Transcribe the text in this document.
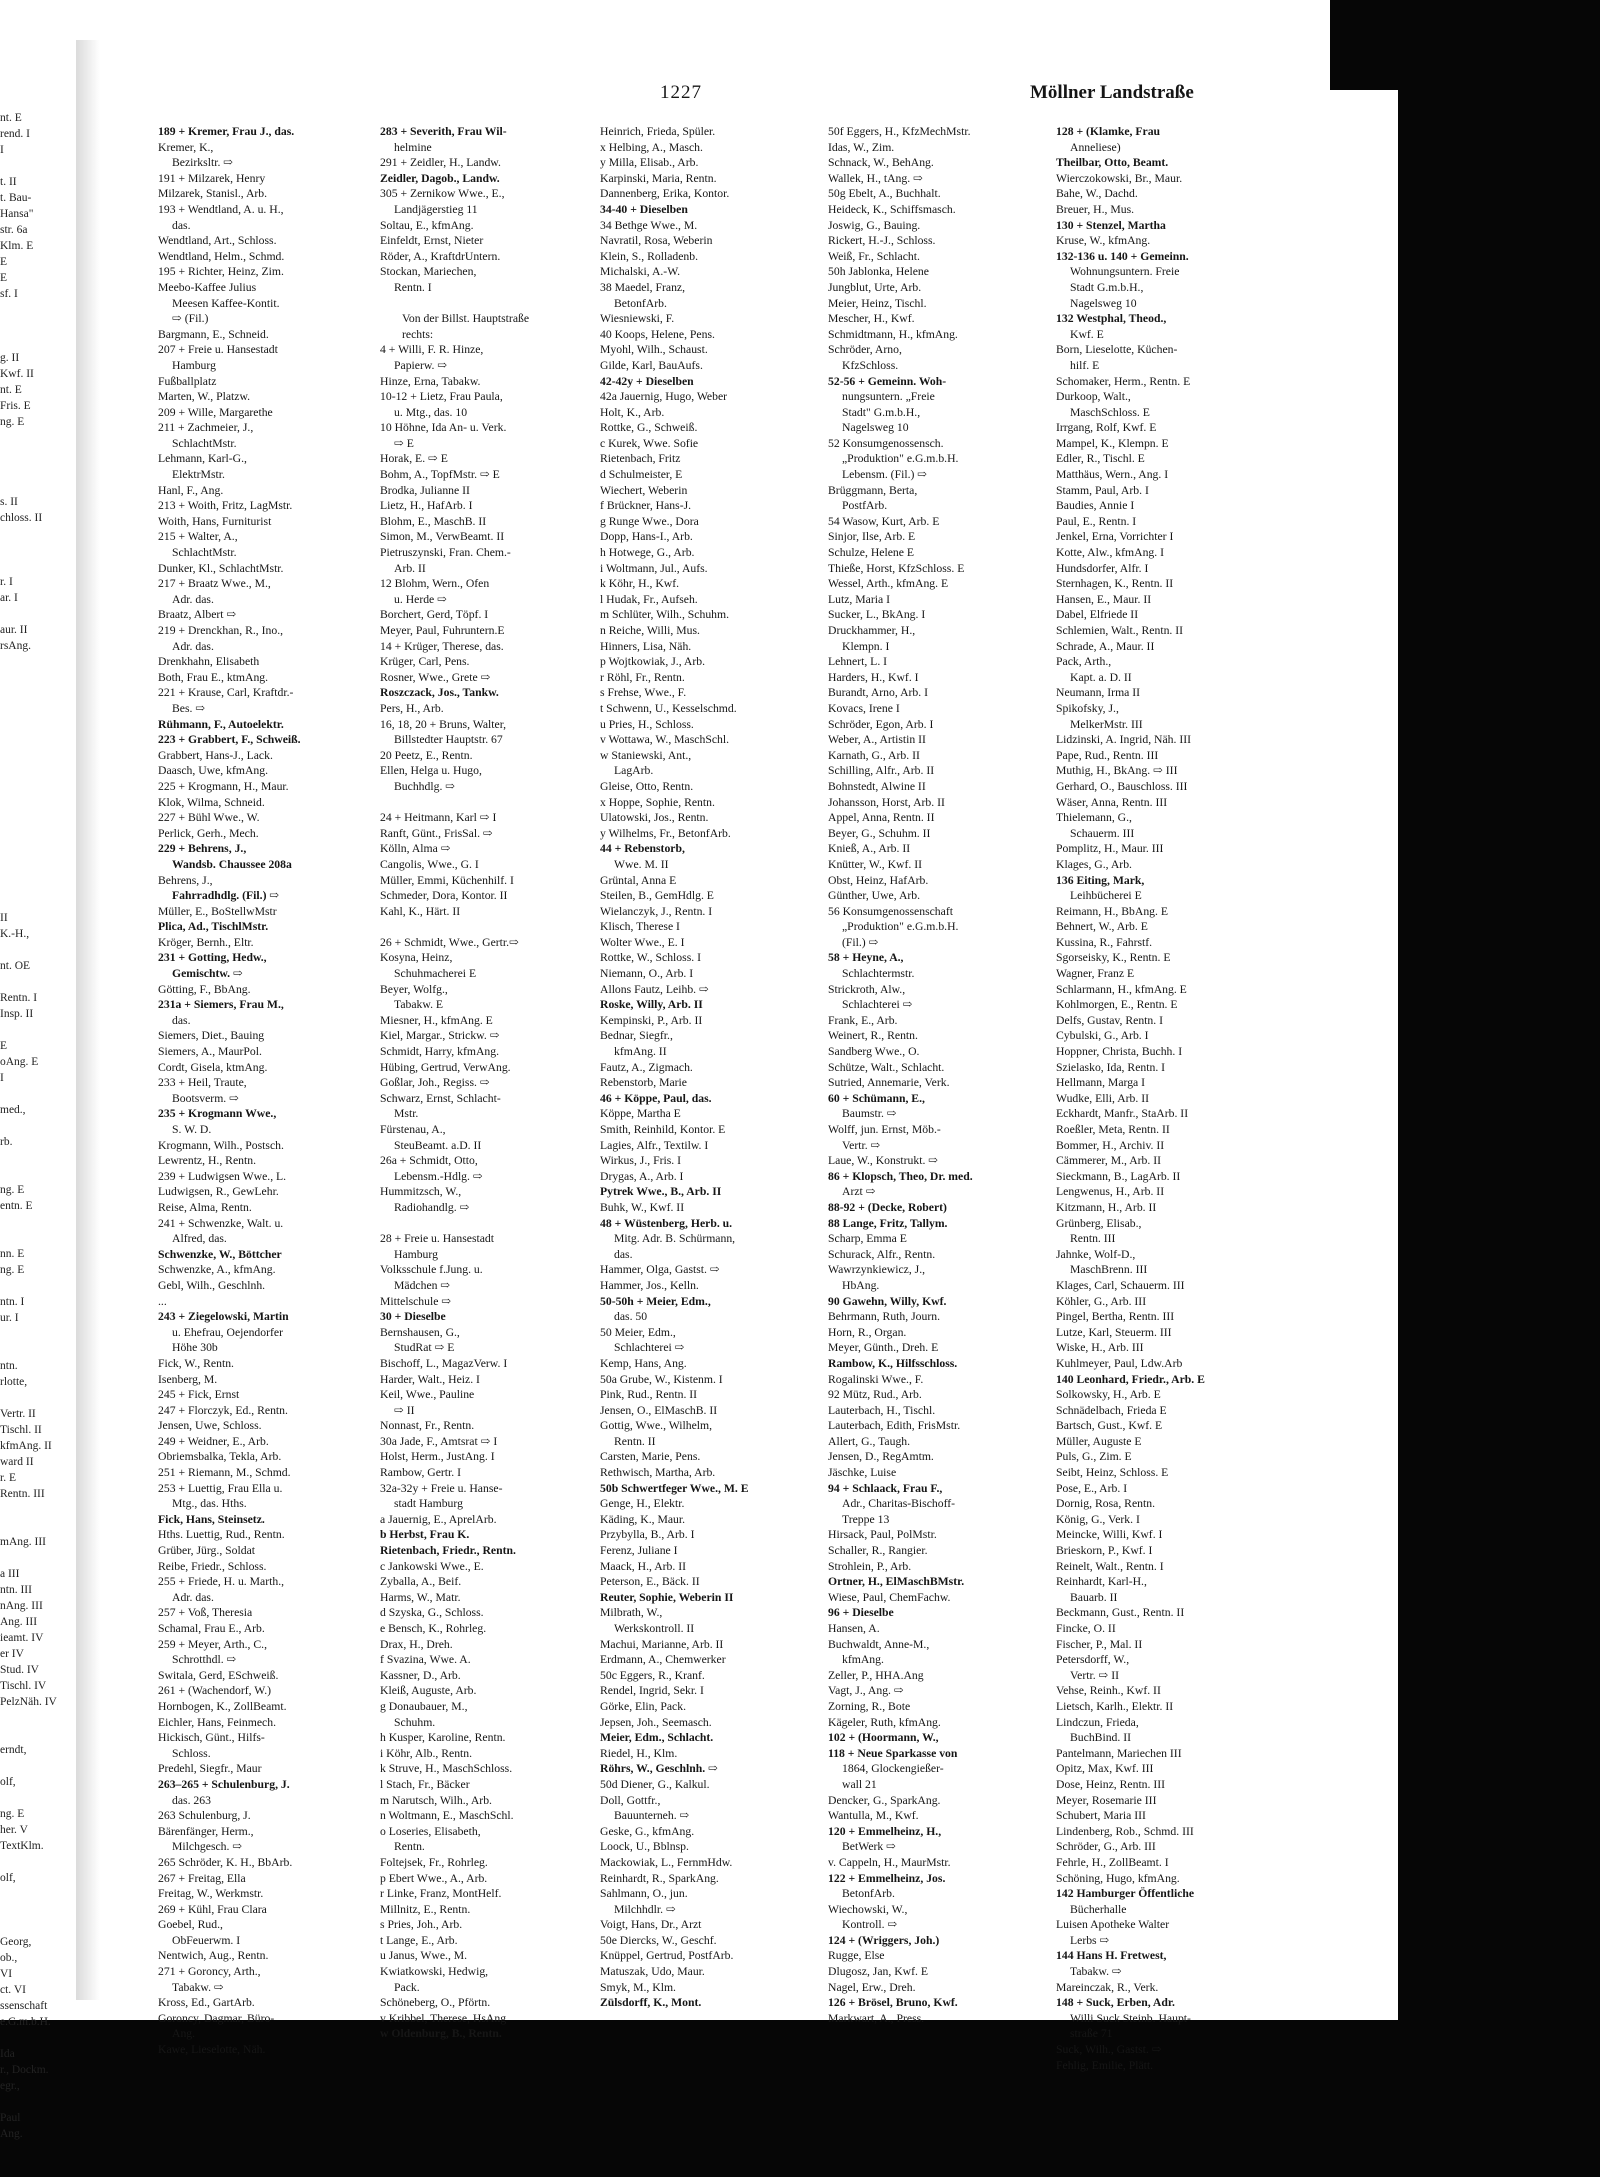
nt. E
rend. I
I

t. II
t. Bau-
Hansa"
str. 6a
Klm. E
E
E
sf. I

g. II
Kwf. II
nt. E
Fris. E
ng. E

s. II
chloss. II

r. I
ar. I

aur. II
rsAng.

II
K.-H.,

nt. OE

Rentn. I
Insp. II

E
oAng. E
I

med.,

rb.

ng. E
entn. E

nn. E
ng. E

ntn. I
ur. I

ntn.
rlotte,

Vertr. II
Tischl. II
kfmAng. II
ward II
r. E
Rentn. III

mAng. III

a III
ntn. III
nAng. III
Ang. III
ieamt. IV
er IV
Stud. IV
Tischl. IV
PelzNäh. IV

erndt,

olf,

ng. E
her. V
TextKlm.

olf,

Georg,
ob.,
VI
ct. VI
ssenschaft
e.G.m.b.H.

Ida
r., Dockm.
egr.,

Paul
Ang.
1227	Möllner Landstraße
189 + Kremer, Frau J., das.
Kremer, K.,
Bezirksltr. ⇨
191 + Milzarek, Henry
Milzarek, Stanisl., Arb.
193 + Wendtland, A. u. H.,
das.
Wendtland, Art., Schloss.
Wendtland, Helm., Schmd.
195 + Richter, Heinz, Zim.
Meebo-Kaffee Julius
Meesen Kaffee-Kontit.
⇨ (Fil.)
Bargmann, E., Schneid.
207 + Freie u. Hansestadt
Hamburg
Fußballplatz
Marten, W., Platzw.
209 + Wille, Margarethe
211 + Zachmeier, J.,
SchlachtMstr.
Lehmann, Karl-G.,
ElektrMstr.
Hanl, F., Ang.
213 + Woith, Fritz, LagMstr.
Woith, Hans, Furniturist
215 + Walter, A.,
SchlachtMstr.
Dunker, Kl., SchlachtMstr.
217 + Braatz Wwe., M.,
Adr. das.
Braatz, Albert ⇨
219 + Drenckhan, R., Ino.,
Adr. das.
Drenkhahn, Elisabeth
Both, Frau E., ktmAng.
221 + Krause, Carl, Kraftdr.-
Bes. ⇨
Rühmann, F., Autoelektr.
223 + Grabbert, F., Schweiß.
Grabbert, Hans-J., Lack.
Daasch, Uwe, kfmAng.
225 + Krogmann, H., Maur.
Klok, Wilma, Schneid.
227 + Bühl Wwe., W.
Perlick, Gerh., Mech.
229 + Behrens, J.,
Wandsb. Chaussee 208a
Behrens, J.,
Fahrradhdlg. (Fil.) ⇨
Müller, E., BoStellwMstr
Plica, Ad., TischlMstr.
Kröger, Bernh., Eltr.
231 + Gotting, Hedw.,
Gemischtw. ⇨
Götting, F., BbAng.
231a + Siemers, Frau M.,
das.
Siemers, Diet., Bauing
Siemers, A., MaurPol.
Cordt, Gisela, ktmAng.
233 + Heil, Traute,
Bootsverm. ⇨
235 + Krogmann Wwe.,
S. W. D.
Krogmann, Wilh., Postsch.
Lewrentz, H., Rentn.
239 + Ludwigsen Wwe., L.
Ludwigsen, R., GewLehr.
Reise, Alma, Rentn.
241 + Schwenzke, Walt. u.
Alfred, das.
Schwenzke, W., Böttcher
Schwenzke, A., kfmAng.
Gebl, Wilh., Geschlnh.
...
243 + Ziegelowski, Martin
u. Ehefrau, Oejendorfer
Höhe 30b
Fick, W., Rentn.
Isenberg, M.
245 + Fick, Ernst
247 + Florczyk, Ed., Rentn.
Jensen, Uwe, Schloss.
249 + Weidner, E., Arb.
Obriemsbalka, Tekla, Arb.
251 + Riemann, M., Schmd.
253 + Luettig, Frau Ella u.
Mtg., das. Hths.
Fick, Hans, Steinsetz.
Hths. Luettig, Rud., Rentn.
Grüber, Jürg., Soldat
Reibe, Friedr., Schloss.
255 + Friede, H. u. Marth.,
Adr. das.
257 + Voß, Theresia
Schamal, Frau E., Arb.
259 + Meyer, Arth., C.,
Schrotthdl. ⇨
Switala, Gerd, ESchweiß.
261 + (Wachendorf, W.)
Hornbogen, K., ZollBeamt.
Eichler, Hans, Feinmech.
Hickisch, Günt., Hilfs-
Schloss.
Predehl, Siegfr., Maur
263–265 + Schulenburg, J.
das. 263
263 Schulenburg, J.
Bärenfänger, Herm.,
Milchgesch. ⇨
265 Schröder, K. H., BbArb.
267 + Freitag, Ella
Freitag, W., Werkmstr.
269 + Kühl, Frau Clara
Goebel, Rud.,
ObFeuerwm. I
Nentwich, Aug., Rentn.
271 + Goroncy, Arth.,
Tabakw. ⇨
Kross, Ed., GartArb.
Goroncy, Dagmar, Büro-
Ang.
Kawe, Lieselotte, Näh.
283 + Severith, Frau Wil-
helmine
291 + Zeidler, H., Landw.
Zeidler, Dagob., Landw.
305 + Zernikow Wwe., E.,
Landjägerstieg 11
Soltau, E., kfmAng.
Einfeldt, Ernst, Nieter
Röder, A., KraftdrUntern.
Stockan, Mariechen,
Rentn. I

Von der Billst. Hauptstraße
rechts:
4 + Willi, F. R. Hinze,
Papierw. ⇨
Hinze, Erna, Tabakw.
10-12 + Lietz, Frau Paula,
u. Mtg., das. 10
10 Höhne, Ida An- u. Verk.
⇨ E
Horak, E. ⇨ E
Bohm, A., TopfMstr. ⇨ E
Brodka, Julianne II
Lietz, H., HafArb. I
Blohm, E., MaschB. II
Simon, M., VerwBeamt. II
Pietruszynski, Fran. Chem.-
Arb. II
12 Blohm, Wern., Ofen
u. Herde ⇨
Borchert, Gerd, Töpf. I
Meyer, Paul, Fuhruntern.E
14 + Krüger, Therese, das.
Krüger, Carl, Pens.
Rosner, Wwe., Grete ⇨
Roszczack, Jos., Tankw.
Pers, H., Arb.
16, 18, 20 + Bruns, Walter,
Billstedter Hauptstr. 67
20 Peetz, E., Rentn.
Ellen, Helga u. Hugo,
Buchhdlg. ⇨

24 + Heitmann, Karl ⇨ I
Ranft, Günt., FrisSal. ⇨
Kölln, Alma ⇨
Cangolis, Wwe., G. I
Müller, Emmi, Küchenhilf. I
Schmeder, Dora, Kontor. II
Kahl, K., Härt. II

26 + Schmidt, Wwe., Gertr.⇨
Kosyna, Heinz,
Schuhmacherei E
Beyer, Wolfg.,
Tabakw. E
Miesner, H., kfmAng. E
Kiel, Margar., Strickw. ⇨
Schmidt, Harry, kfmAng.
Hübing, Gertrud, VerwAng.
Goßlar, Joh., Regiss. ⇨
Schwarz, Ernst, Schlacht-
Mstr.
Fürstenau, A.,
SteuBeamt. a.D. II
26a + Schmidt, Otto,
Lebensm.-Hdlg. ⇨
Hummitzsch, W.,
Radiohandlg. ⇨

28 + Freie u. Hansestadt
Hamburg
Volksschule f.Jung. u.
Mädchen ⇨
Mittelschule ⇨
30 + Dieselbe
Bernshausen, G.,
StudRat ⇨ E
Bischoff, L., MagazVerw. I
Harder, Walt., Heiz. I
Keil, Wwe., Pauline
⇨ II
Nonnast, Fr., Rentn.
30a Jade, F., Amtsrat ⇨ I
Holst, Herm., JustAng. I
Rambow, Gertr. I
32a-32y + Freie u. Hanse-
stadt Hamburg
a Jauernig, E., AprelArb.
b Herbst, Frau K.
Rietenbach, Friedr., Rentn.
c Jankowski Wwe., E.
Zyballa, A., Beif.
Harms, W., Matr.
d Szyska, G., Schloss.
e Bensch, K., Rohrleg.
Drax, H., Dreh.
f Svazina, Wwe. A.
Kassner, D., Arb.
Kleiß, Auguste, Arb.
g Donaubauer, M.,
Schuhm.
h Kusper, Karoline, Rentn.
i Köhr, Alb., Rentn.
k Struve, H., MaschSchloss.
l Stach, Fr., Bäcker
m Narutsch, Wilh., Arb.
n Woltmann, E., MaschSchl.
o Loseries, Elisabeth,
Rentn.
Foltejsek, Fr., Rohrleg.
p Ebert Wwe., A., Arb.
r Linke, Franz, MontHelf.
Millnitz, E., Rentn.
s Pries, Joh., Arb.
t Lange, E., Arb.
u Janus, Wwe., M.
Kwiatkowski, Hedwig,
Pack.
Schöneberg, O., Pförtn.
v Kribbel, Therese, HsAng
w Oldenburg, B., Rentn.
Heinrich, Frieda, Spüler.
x Helbing, A., Masch.
y Milla, Elisab., Arb.
Karpinski, Maria, Rentn.
Dannenberg, Erika, Kontor.
34-40 + Dieselben
34 Bethge Wwe., M.
Navratil, Rosa, Weberin
Klein, S., Rolladenb.
Michalski, A.-W.
38 Maedel, Franz,
BetonfArb.
Wiesniewski, F.
40 Koops, Helene, Pens.
Myohl, Wilh., Schaust.
Gilde, Karl, BauAufs.
42-42y + Dieselben
42a Jauernig, Hugo, Weber
Holt, K., Arb.
Rottke, G., Schweiß.
c Kurek, Wwe. Sofie
Rietenbach, Fritz
d Schulmeister, E
Wiechert, Weberin
f Brückner, Hans-J.
g Runge Wwe., Dora
Dopp, Hans-I., Arb.
h Hotwege, G., Arb.
i Woltmann, Jul., Aufs.
k Köhr, H., Kwf.
l Hudak, Fr., Aufseh.
m Schlüter, Wilh., Schuhm.
n Reiche, Willi, Mus.
Hinners, Lisa, Näh.
p Wojtkowiak, J., Arb.
r Röhl, Fr., Rentn.
s Frehse, Wwe., F.
t Schwenn, U., Kesselschmd.
u Pries, H., Schloss.
v Wottawa, W., MaschSchl.
w Staniewski, Ant.,
LagArb.
Gleise, Otto, Rentn.
x Hoppe, Sophie, Rentn.
Ulatowski, Jos., Rentn.
y Wilhelms, Fr., BetonfArb.
44 + Rebenstorb,
Wwe. M. II
Grüntal, Anna E
Steilen, B., GemHdlg. E
Wielanczyk, J., Rentn. I
Klisch, Therese I
Wolter Wwe., E. I
Rottke, W., Schloss. I
Niemann, O., Arb. I
Allons Fautz, Leihb. ⇨
Roske, Willy, Arb. II
Kempinski, P., Arb. II
Bednar, Siegfr.,
kfmAng. II
Fautz, A., Zigmach.
Rebenstorb, Marie
46 + Köppe, Paul, das.
Köppe, Martha E
Smith, Reinhild, Kontor. E
Lagies, Alfr., Textilw. I
Wirkus, J., Fris. I
Drygas, A., Arb. I
Pytrek Wwe., B., Arb. II
Buhk, W., Kwf. II
48 + Wüstenberg, Herb. u.
Mitg. Adr. B. Schürmann,
das.
Hammer, Olga, Gastst. ⇨
Hammer, Jos., Kelln.
50-50h + Meier, Edm.,
das. 50
50 Meier, Edm.,
Schlachterei ⇨
Kemp, Hans, Ang.
50a Grube, W., Kistenm. I
Pink, Rud., Rentn. II
Jensen, O., ElMaschB. II
Gottig, Wwe., Wilhelm,
Rentn. II
Carsten, Marie, Pens.
Rethwisch, Martha, Arb.
50b Schwertfeger Wwe., M. E
Genge, H., Elektr.
Käding, K., Maur.
Przybylla, B., Arb. I
Ferenz, Juliane I
Maack, H., Arb. II
Peterson, E., Bäck. II
Reuter, Sophie, Weberin II
Milbrath, W.,
Werkskontroll. II
Machui, Marianne, Arb. II
Erdmann, A., Chemwerker
50c Eggers, R., Kranf.
Rendel, Ingrid, Sekr. I
Görke, Elin, Pack.
Jepsen, Joh., Seemasch.
Meier, Edm., Schlacht.
Riedel, H., Klm.
Röhrs, W., Geschlnh. ⇨
50d Diener, G., Kalkul.
Doll, Gottfr.,
Bauunterneh. ⇨
Geske, G., kfmAng.
Loock, U., Bblnsp.
Mackowiak, L., FernmHdw.
Reinhardt, R., SparkAng.
Sahlmann, O., jun.
Milchhdlr. ⇨
Voigt, Hans, Dr., Arzt
50e Diercks, W., Geschf.
Knüppel, Gertrud, PostfArb.
Matuszak, Udo, Maur.
Smyk, M., Klm.
Zülsdorff, K., Mont.
50f Eggers, H., KfzMechMstr.
Idas, W., Zim.
Schnack, W., BehAng.
Wallek, H., tAng. ⇨
50g Ebelt, A., Buchhalt.
Heideck, K., Schiffsmasch.
Joswig, G., Bauing.
Rickert, H.-J., Schloss.
Weiß, Fr., Schlacht.
50h Jablonka, Helene
Jungblut, Urte, Arb.
Meier, Heinz, Tischl.
Mescher, H., Kwf.
Schmidtmann, H., kfmAng.
Schröder, Arno,
KfzSchloss.
52-56 + Gemeinn. Woh-
nungsuntern. „Freie
Stadt" G.m.b.H.,
Nagelsweg 10
52 Konsumgenossensch.
„Produktion" e.G.m.b.H.
Lebensm. (Fil.) ⇨
Brüggmann, Berta,
PostfArb.
54 Wasow, Kurt, Arb. E
Sinjor, Ilse, Arb. E
Schulze, Helene E
Thieße, Horst, KfzSchloss. E
Wessel, Arth., kfmAng. E
Lutz, Maria I
Sucker, L., BkAng. I
Druckhammer, H.,
Klempn. I
Lehnert, L. I
Harders, H., Kwf. I
Burandt, Arno, Arb. I
Kovacs, Irene I
Schröder, Egon, Arb. I
Weber, A., Artistin II
Karnath, G., Arb. II
Schilling, Alfr., Arb. II
Bohnstedt, Alwine II
Johansson, Horst, Arb. II
Appel, Anna, Rentn. II
Beyer, G., Schuhm. II
Knieß, A., Arb. II
Knütter, W., Kwf. II
Obst, Heinz, HafArb.
Günther, Uwe, Arb.
56 Konsumgenossenschaft
„Produktion" e.G.m.b.H.
(Fil.) ⇨
58 + Heyne, A.,
Schlachtermstr.
Strickroth, Alw.,
Schlachterei ⇨
Frank, E., Arb.
Weinert, R., Rentn.
Sandberg Wwe., O.
Schütze, Walt., Schlacht.
Sutried, Annemarie, Verk.
60 + Schümann, E.,
Baumstr. ⇨
Wolff, jun. Ernst, Möb.-
Vertr. ⇨
Laue, W., Konstrukt. ⇨
86 + Klopsch, Theo, Dr. med.
Arzt ⇨
88-92 + (Decke, Robert)
88 Lange, Fritz, Tallym.
Scharp, Emma E
Schurack, Alfr., Rentn.
Wawrzynkiewicz, J.,
HbAng.
90 Gawehn, Willy, Kwf.
Behrmann, Ruth, Journ.
Horn, R., Organ.
Meyer, Günth., Dreh. E
Rambow, K., Hilfsschloss.
Rogalinski Wwe., F.
92 Mütz, Rud., Arb.
Lauterbach, H., Tischl.
Lauterbach, Edith, FrisMstr.
Allert, G., Taugh.
Jensen, D., RegAmtm.
Jäschke, Luise
94 + Schlaack, Frau F.,
Adr., Charitas-Bischoff-
Treppe 13
Hirsack, Paul, PolMstr.
Schaller, R., Rangier.
Strohlein, P., Arb.
Ortner, H., ElMaschBMstr.
Wiese, Paul, ChemFachw.
96 + Dieselbe
Hansen, A.
Buchwaldt, Anne-M.,
kfmAng.
Zeller, P., HHA.Ang
Vagt, J., Ang. ⇨
Zorning, R., Bote
Kägeler, Ruth, kfmAng.
102 + (Hoormann, W.,
118 + Neue Sparkasse von
1864, Glockengießer-
wall 21
Dencker, G., SparkAng.
Wantulla, M., Kwf.
120 + Emmelheinz, H.,
BetWerk ⇨
v. Cappeln, H., MaurMstr.
122 + Emmelheinz, Jos.
BetonfArb.
Wiechowski, W.,
Kontroll. ⇨
124 + (Wriggers, Joh.)
Rugge, Else
Dlugosz, Jan, Kwf. E
Nagel, Erw., Dreh.
126 + Brösel, Bruno, Kwf.
Markwart, A., Press.
128 + (Klamke, Frau
Anneliese)
Theilbar, Otto, Beamt.
Wierczokowski, Br., Maur.
Bahe, W., Dachd.
Breuer, H., Mus.
130 + Stenzel, Martha
Kruse, W., kfmAng.
132-136 u. 140 + Gemeinn.
Wohnungsuntern. Freie
Stadt G.m.b.H.,
Nagelsweg 10
132 Westphal, Theod.,
Kwf. E
Born, Lieselotte, Küchen-
hilf. E
Schomaker, Herm., Rentn. E
Durkoop, Walt.,
MaschSchloss. E
Irrgang, Rolf, Kwf. E
Mampel, K., Klempn. E
Edler, R., Tischl. E
Matthäus, Wern., Ang. I
Stamm, Paul, Arb. I
Baudies, Annie I
Paul, E., Rentn. I
Jenkel, Erna, Vorrichter I
Kotte, Alw., kfmAng. I
Hundsdorfer, Alfr. I
Sternhagen, K., Rentn. II
Hansen, E., Maur. II
Dabel, Elfriede II
Schlemien, Walt., Rentn. II
Schrade, A., Maur. II
Pack, Arth.,
Kapt. a. D. II
Neumann, Irma II
Spikofsky, J.,
MelkerMstr. III
Lidzinski, A. Ingrid, Näh. III
Pape, Rud., Rentn. III
Muthig, H., BkAng. ⇨ III
Gerhard, O., Bauschloss. III
Wäser, Anna, Rentn. III
Thielemann, G.,
Schauerm. III
Pomplitz, H., Maur. III
Klages, G., Arb.
136 Eiting, Mark,
Leihbücherei E
Reimann, H., BbAng. E
Behnert, W., Arb. E
Kussina, R., Fahrstf.
Sgorseisky, K., Rentn. E
Wagner, Franz E
Schlarmann, H., kfmAng. E
Kohlmorgen, E., Rentn. E
Delfs, Gustav, Rentn. I
Cybulski, G., Arb. I
Hoppner, Christa, Buchh. I
Szielasko, Ida, Rentn. I
Hellmann, Marga I
Wudke, Elli, Arb. II
Eckhardt, Manfr., StaArb. II
Roeßler, Meta, Rentn. II
Bommer, H., Archiv. II
Cämmerer, M., Arb. II
Sieckmann, B., LagArb. II
Lengwenus, H., Arb. II
Kitzmann, H., Arb. II
Grünberg, Elisab.,
Rentn. III
Jahnke, Wolf-D.,
MaschBrenn. III
Klages, Carl, Schauerm. III
Köhler, G., Arb. III
Pingel, Bertha, Rentn. III
Lutze, Karl, Steuerm. III
Wiske, H., Arb. III
Kuhlmeyer, Paul, Ldw.Arb
140 Leonhard, Friedr., Arb. E
Solkowsky, H., Arb. E
Schnädelbach, Frieda E
Bartsch, Gust., Kwf. E
Müller, Auguste E
Puls, G., Zim. E
Seibt, Heinz, Schloss. E
Pose, E., Arb. I
Dornig, Rosa, Rentn.
König, G., Verk. I
Meincke, Willi, Kwf. I
Brieskorn, P., Kwf. I
Reinelt, Walt., Rentn. I
Reinhardt, Karl-H.,
Bauarb. II
Beckmann, Gust., Rentn. II
Fincke, O. II
Fischer, P., Mal. II
Petersdorff, W.,
Vertr. ⇨ II
Vehse, Reinh., Kwf. II
Lietsch, Karlh., Elektr. II
Lindczun, Frieda,
BuchBind. II
Pantelmann, Mariechen III
Opitz, Max, Kwf. III
Dose, Heinz, Rentn. III
Meyer, Rosemarie III
Schubert, Maria III
Lindenberg, Rob., Schmd. III
Schröder, G., Arb. III
Fehrle, H., ZollBeamt. I
Schöning, Hugo, kfmAng.
142 Hamburger Öffentliche
Bücherhalle
Luisen Apotheke Walter
Lerbs ⇨
144 Hans H. Fretwest,
Tabakw. ⇨
Mareinczak, R., Verk.
148 + Suck, Erben, Adr.
Willi Suck Steinb. Haupt-
straße 71
Suck, Wilh., Gastst. ⇨
Fehlig, Emilie, Plätt.
